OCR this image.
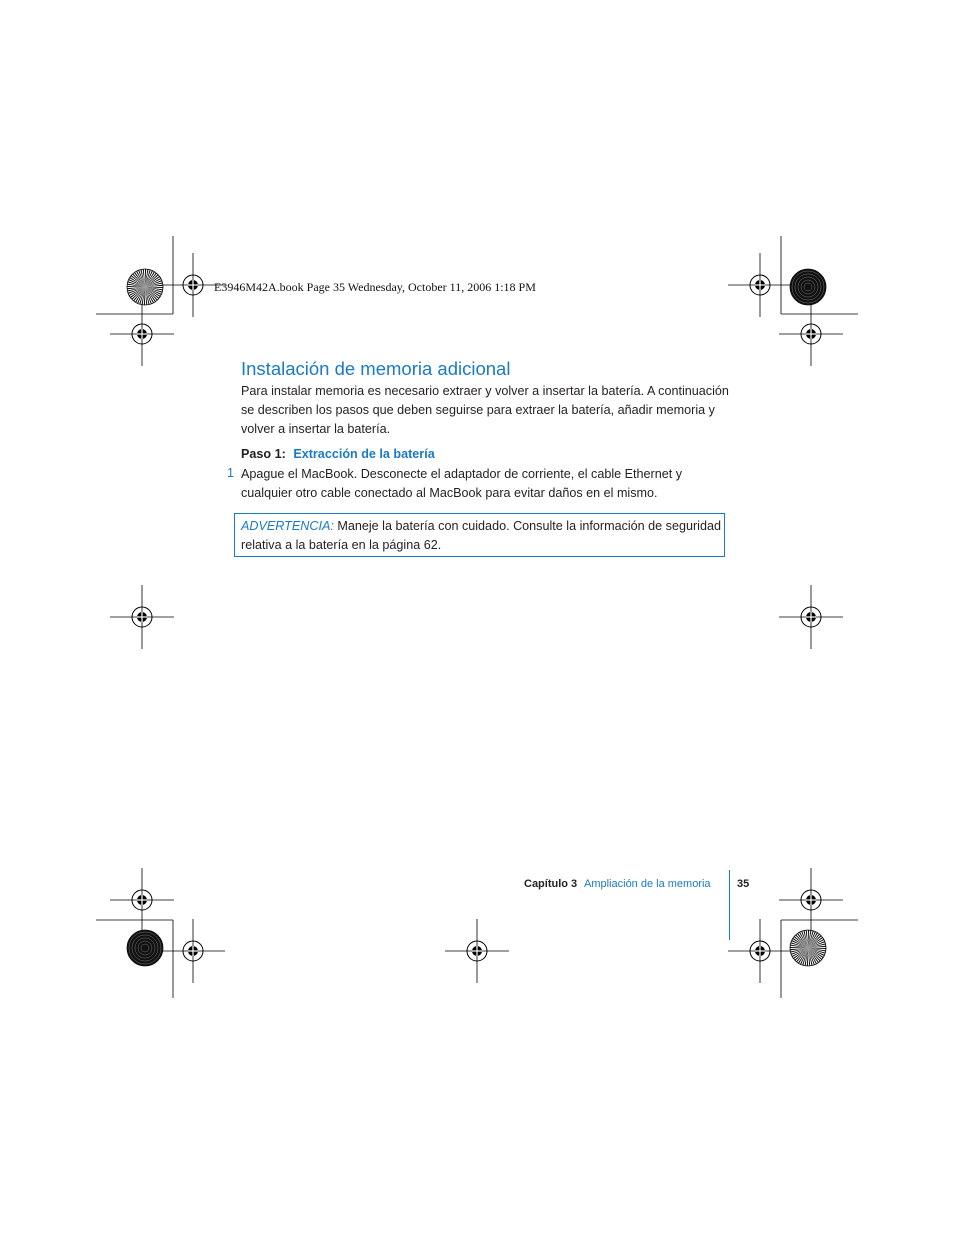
E3946M42A.book Page 35 Wednesday, October 11, 2006 1:18 PM
Instalación de memoria adicional

Para instalar memoria es necesario extraer y volver a insertar la batería. A continuación se describen los pasos que deben seguirse para extraer la batería, añadir memoria y volver a insertar la batería.

Paso 1: Extracción de la batería
1 Apague el MacBook. Desconecte el adaptador de corriente, el cable Ethernet y cualquier otro cable conectado al MacBook para evitar daños en el mismo.

ADVERTENCIA: Maneje la batería con cuidado. Consulte la información de seguridad relativa a la batería en la página 62.
Capítulo 3 Ampliación de la memoria 35
